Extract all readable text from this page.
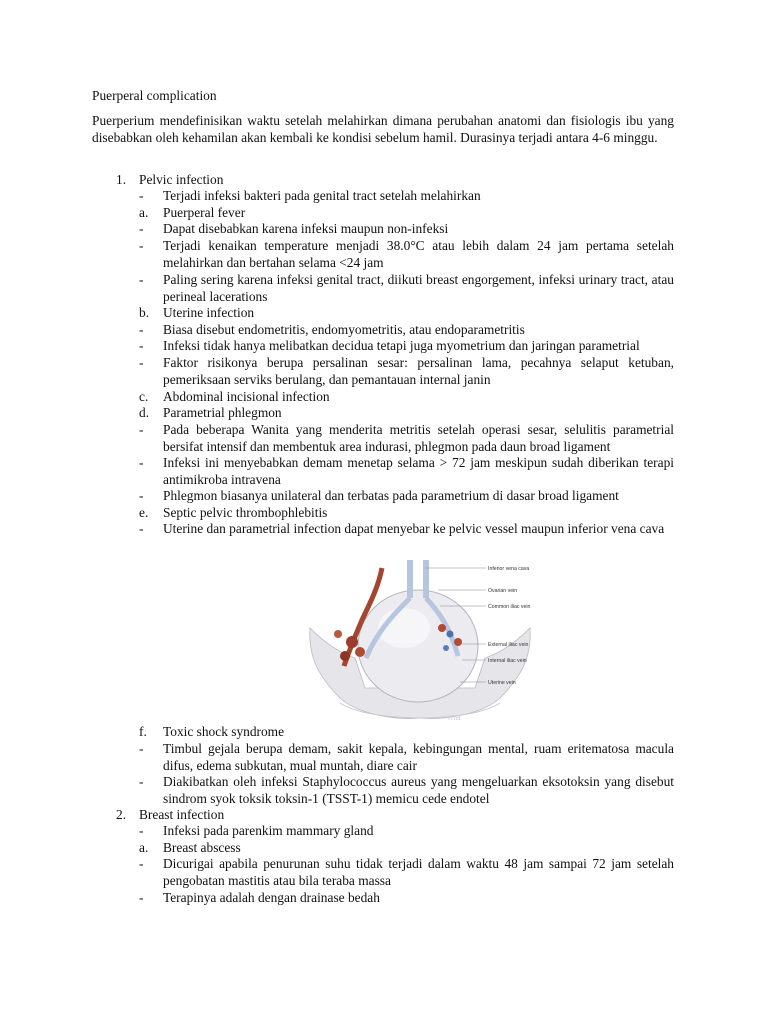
Puerperal complication
Puerperium mendefinisikan waktu setelah melahirkan dimana perubahan anatomi dan fisiologis ibu yang disebabkan oleh kehamilan akan kembali ke kondisi sebelum hamil. Durasinya terjadi antara 4-6 minggu.
1. Pelvic infection
- Terjadi infeksi bakteri pada genital tract setelah melahirkan
a. Puerperal fever
- Dapat disebabkan karena infeksi maupun non-infeksi
- Terjadi kenaikan temperature menjadi 38.0°C atau lebih dalam 24 jam pertama setelah melahirkan dan bertahan selama <24 jam
- Paling sering karena infeksi genital tract, diikuti breast engorgement, infeksi urinary tract, atau perineal lacerations
b. Uterine infection
- Biasa disebut endometritis, endomyometritis, atau endoparametritis
- Infeksi tidak hanya melibatkan decidua tetapi juga myometrium dan jaringan parametrial
- Faktor risikonya berupa persalinan sesar: persalinan lama, pecahnya selaput ketuban, pemeriksaan serviks berulang, dan pemantauan internal janin
c. Abdominal incisional infection
d. Parametrial phlegmon
- Pada beberapa Wanita yang menderita metritis setelah operasi sesar, selulitis parametrial bersifat intensif dan membentuk area indurasi, phlegmon pada daun broad ligament
- Infeksi ini menyebabkan demam menetap selama > 72 jam meskipun sudah diberikan terapi antimikroba intravena
- Phlegmon biasanya unilateral dan terbatas pada parametrium di dasar broad ligament
e. Septic pelvic thrombophlebitis
- Uterine dan parametrial infection dapat menyebar ke pelvic vessel maupun inferior vena cava
Inferior vena cava
Ovarian vein
Common iliac vein
External iliac vein
Internal iliac vein
Uterine vein
ma
f. Toxic shock syndrome
- Timbul gejala berupa demam, sakit kepala, kebingungan mental, ruam eritematosa macula difus, edema subkutan, mual muntah, diare cair
- Diakibatkan oleh infeksi Staphylococcus aureus yang mengeluarkan eksotoksin yang disebut sindrom syok toksik toksin-1 (TSST-1) memicu cede endotel
2. Breast infection
- Infeksi pada parenkim mammary gland
a. Breast abscess
- Dicurigai apabila penurunan suhu tidak terjadi dalam waktu 48 jam sampai 72 jam setelah pengobatan mastitis atau bila teraba massa
- Terapinya adalah dengan drainase bedah
